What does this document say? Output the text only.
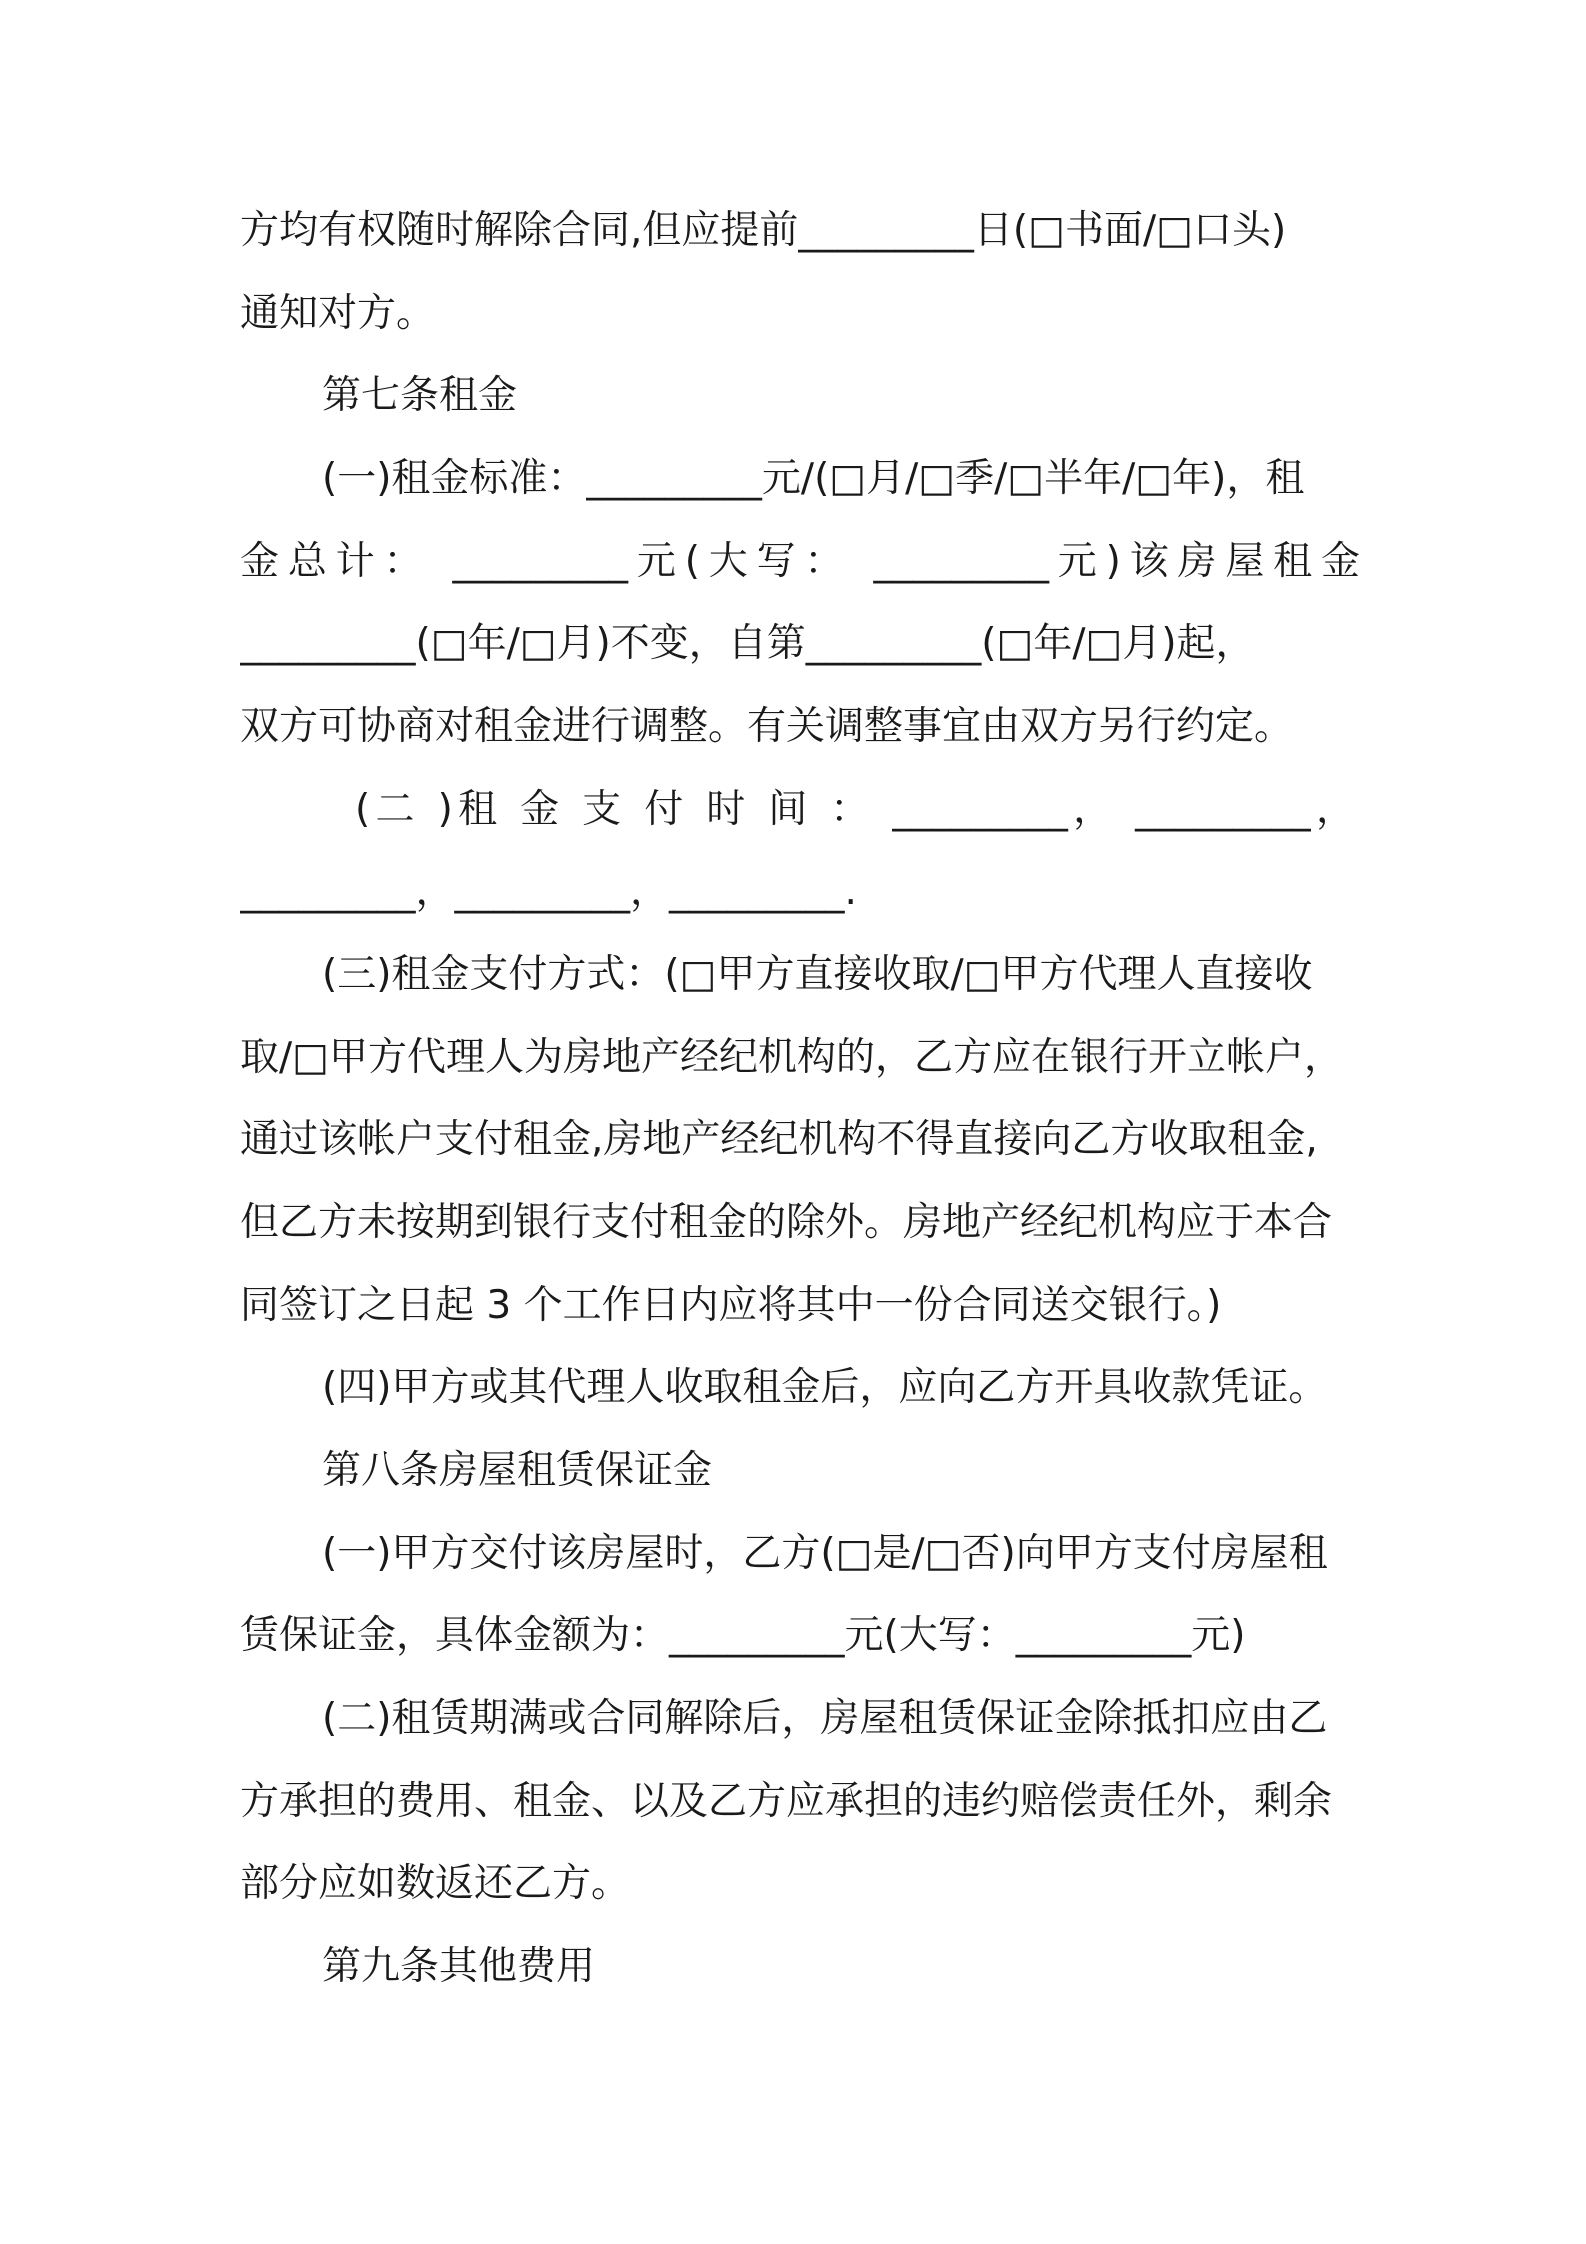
方均有权随时解除合同,但应提前_________日(□书面/□口头)
通知对方。
第七条租金
(一)租金标准：_________元/(□月/□季/□半年/□年)，租
金总计： _________元(大写： _________元)该房屋租金
_________(□年/□月)不变，自第_________(□年/□月)起，
双方可协商对租金进行调整。有关调整事宜由双方另行约定。
(二 )租 金 支 付 时 间 ： _________， _________，
_________，_________，_________.
(三)租金支付方式：(□甲方直接收取/□甲方代理人直接收
取/□甲方代理人为房地产经纪机构的，乙方应在银行开立帐户，
通过该帐户支付租金,房地产经纪机构不得直接向乙方收取租金,
但乙方未按期到银行支付租金的除外。房地产经纪机构应于本合
同签订之日起 3 个工作日内应将其中一份合同送交银行。)
(四)甲方或其代理人收取租金后，应向乙方开具收款凭证。
第八条房屋租赁保证金
(一)甲方交付该房屋时，乙方(□是/□否)向甲方支付房屋租
赁保证金，具体金额为：_________元(大写：_________元)
(二)租赁期满或合同解除后，房屋租赁保证金除抵扣应由乙
方承担的费用、租金、以及乙方应承担的违约赔偿责任外，剩余
部分应如数返还乙方。
第九条其他费用
